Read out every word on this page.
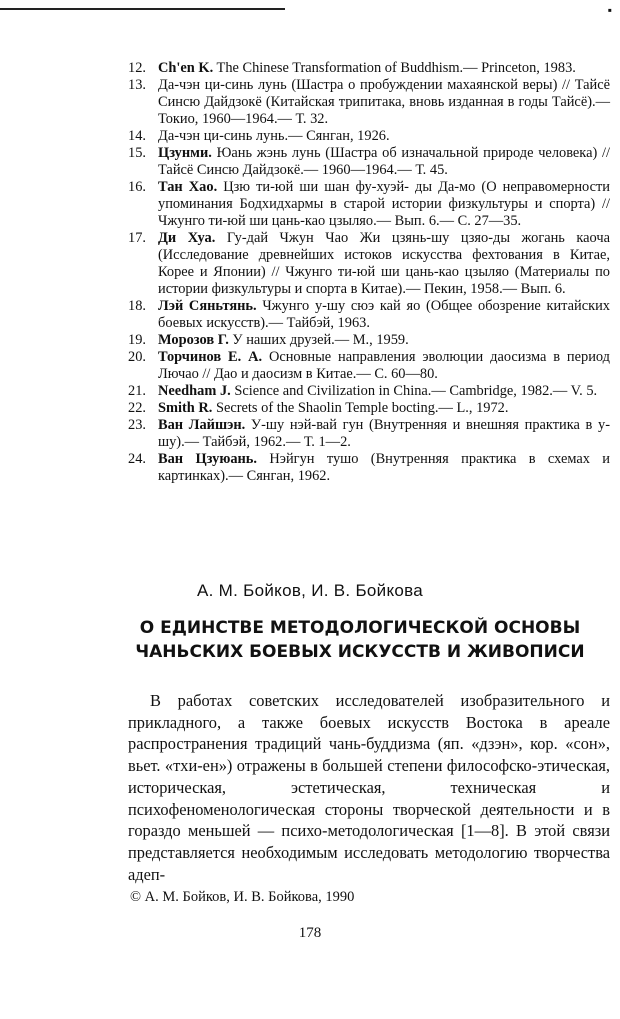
▪
12. Ch'en K. The Chinese Transformation of Buddhism.— Princeton, 1983.
13. Да-чэн ци-синь лунь (Шастра о пробуждении махаянской веры) // Тайсё Синсю Дайдзокё (Китайская трипитака, вновь изданная в годы Тайсё).— Токио, 1960—1964.— Т. 32.
14. Да-чэн ци-синь лунь.— Сянган, 1926.
15. Цзунми. Юань жэнь лунь (Шастра об изначальной природе человека) // Тайсё Синсю Дайдзокё.— 1960—1964.— Т. 45.
16. Тан Хао. Цзю ти-юй ши шан фу-хуэй- ды Да-мо (О неправомерности упоминания Бодхидхармы в старой истории физкультуры и спорта) // Чжунго ти-юй ши цань-као цзыляо.— Вып. 6.— С. 27—35.
17. Ди Хуа. Гу-дай Чжун Чао Жи цзянь-шу цзяо-ды жогань каоча (Исследование древнейших истоков искусства фехтования в Китае, Корее и Японии) // Чжунго ти-юй ши цань-као цзыляо (Материалы по истории физкультуры и спорта в Китае).— Пекин, 1958.— Вып. 6.
18. Лэй Сяньтянь. Чжунго у-шу сюэ кай яо (Общее обозрение китайских боевых искусств).— Тайбэй, 1963.
19. Морозов Г. У наших друзей.— М., 1959.
20. Торчинов Е. А. Основные направления эволюции даосизма в период Лючао // Дао и даосизм в Китае.— С. 60—80.
21. Needham J. Science and Civilization in China.— Cambridge, 1982.— V. 5.
22. Smith R. Secrets of the Shaolin Temple bocting.— L., 1972.
23. Ван Лайшэн. У-шу нэй-вай гун (Внутренняя и внешняя практика в у-шу).— Тайбэй, 1962.— Т. 1—2.
24. Ван Цзуюань. Нэйгун тушо (Внутренняя практика в схемах и картинках).— Сянган, 1962.
А. М. Бойков, И. В. Бойкова
О ЕДИНСТВЕ МЕТОДОЛОГИЧЕСКОЙ ОСНОВЫ
ЧАНЬСКИХ БОЕВЫХ ИСКУССТВ И ЖИВОПИСИ

В работах советских исследователей изобразительного и прикладного, а также боевых искусств Востока в ареале распространения традиций чань-буддизма (яп. «дзэн», кор. «сон», вьет. «тхи-ен») отражены в большей степени философско-этическая, историческая, эстетическая, техническая и психофеноменологическая стороны творческой деятельности и в гораздо меньшей — психо-методологическая [1—8]. В этой связи представляется необходимым исследовать методологию творчества адеп-

© А. М. Бойков, И. В. Бойкова, 1990
178
